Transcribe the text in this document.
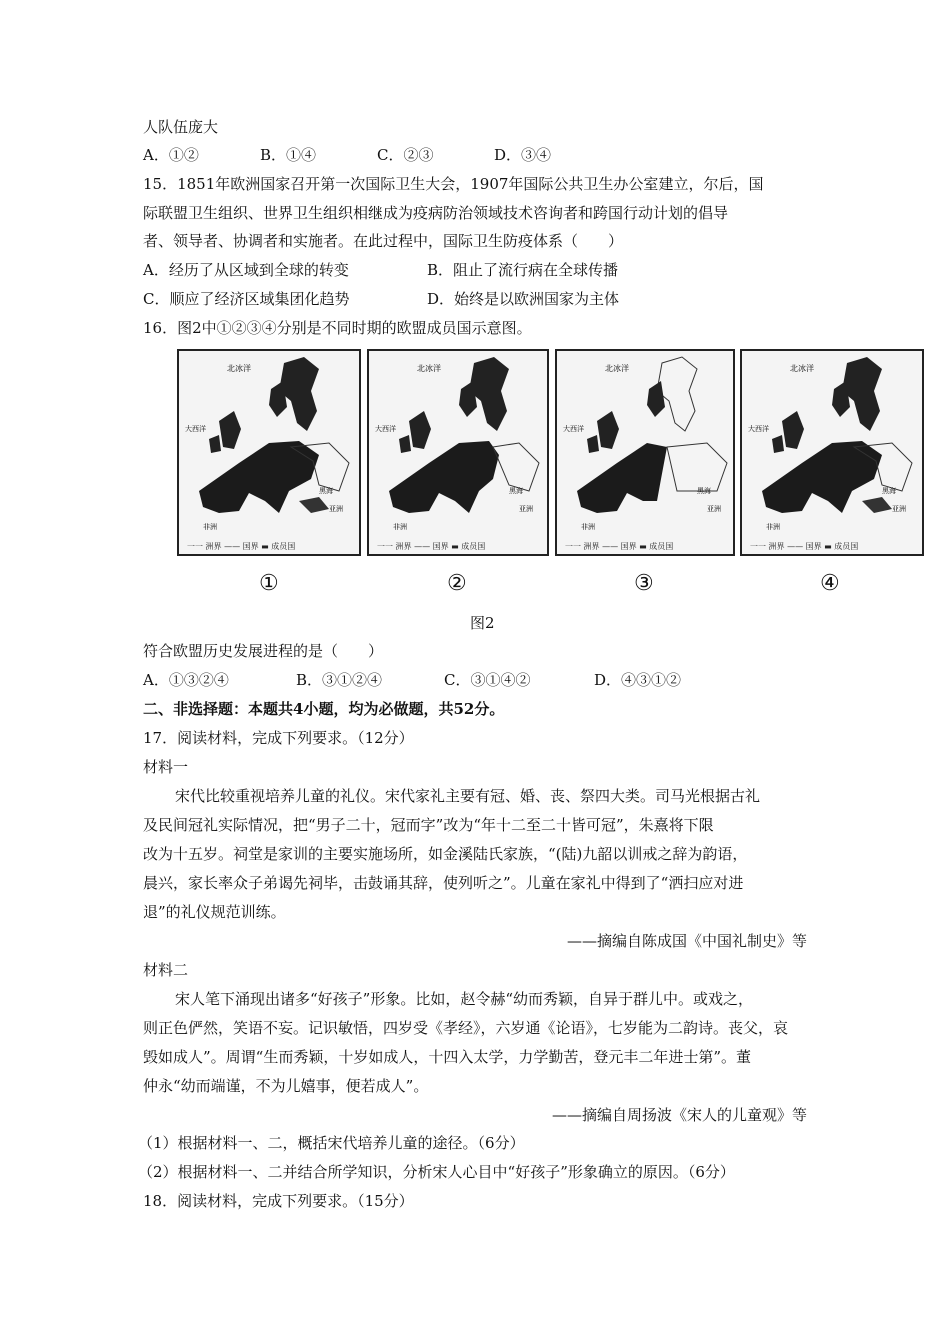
人队伍庞大
A．①②	B．①④	C．②③	D．③④
15．1851年欧洲国家召开第一次国际卫生大会，1907年国际公共卫生办公室建立，尔后，国
际联盟卫生组织、世界卫生组织相继成为疫病防治领域技术咨询者和跨国行动计划的倡导
者、领导者、协调者和实施者。在此过程中，国际卫生防疫体系（　　）
A．经历了从区域到全球的转变	B．阻止了流行病在全球传播
C．顺应了经济区域集团化趋势	D．始终是以欧洲国家为主体
16．图2中①②③④分别是不同时期的欧盟成员国示意图。
北冰洋
大西洋
黑海
非洲
亚洲
一一 洲界 —— 国界 ▬ 成员国
北冰洋
大西洋
黑海
非洲
亚洲
一一 洲界 —— 国界 ▬ 成员国
北冰洋
大西洋
黑海
非洲
亚洲
一一 洲界 —— 国界 ▬ 成员国
北冰洋
大西洋
黑海
非洲
亚洲
一一 洲界 —— 国界 ▬ 成员国
①	②	③	④
图2
符合欧盟历史发展进程的是（　　）
A．①③②④	B．③①②④	C．③①④②	D．④③①②
二、非选择题：本题共4小题，均为必做题，共52分。
17．阅读材料，完成下列要求。（12分）
材料一
宋代比较重视培养儿童的礼仪。宋代家礼主要有冠、婚、丧、祭四大类。司马光根据古礼
及民间冠礼实际情况，把“男子二十，冠而字”改为“年十二至二十皆可冠”，朱熹将下限
改为十五岁。祠堂是家训的主要实施场所，如金溪陆氏家族，“(陆)九韶以训戒之辞为韵语，
晨兴，家长率众子弟谒先祠毕，击鼓诵其辞，使列听之”。儿童在家礼中得到了“洒扫应对进
退”的礼仪规范训练。
——摘编自陈成国《中国礼制史》等
材料二
宋人笔下涌现出诸多“好孩子”形象。比如，赵令赫“幼而秀颖，自异于群儿中。或戏之，
则正色俨然，笑语不妄。记识敏悟，四岁受《孝经》，六岁通《论语》，七岁能为二韵诗。丧父，哀
毁如成人”。周谓“生而秀颖，十岁如成人，十四入太学，力学勤苦，登元丰二年进士第”。董
仲永“幼而端谨，不为儿嬉事，便若成人”。
——摘编自周扬波《宋人的儿童观》等
（1）根据材料一、二，概括宋代培养儿童的途径。（6分）
（2）根据材料一、二并结合所学知识，分析宋人心目中“好孩子”形象确立的原因。（6分）
18．阅读材料，完成下列要求。（15分）
